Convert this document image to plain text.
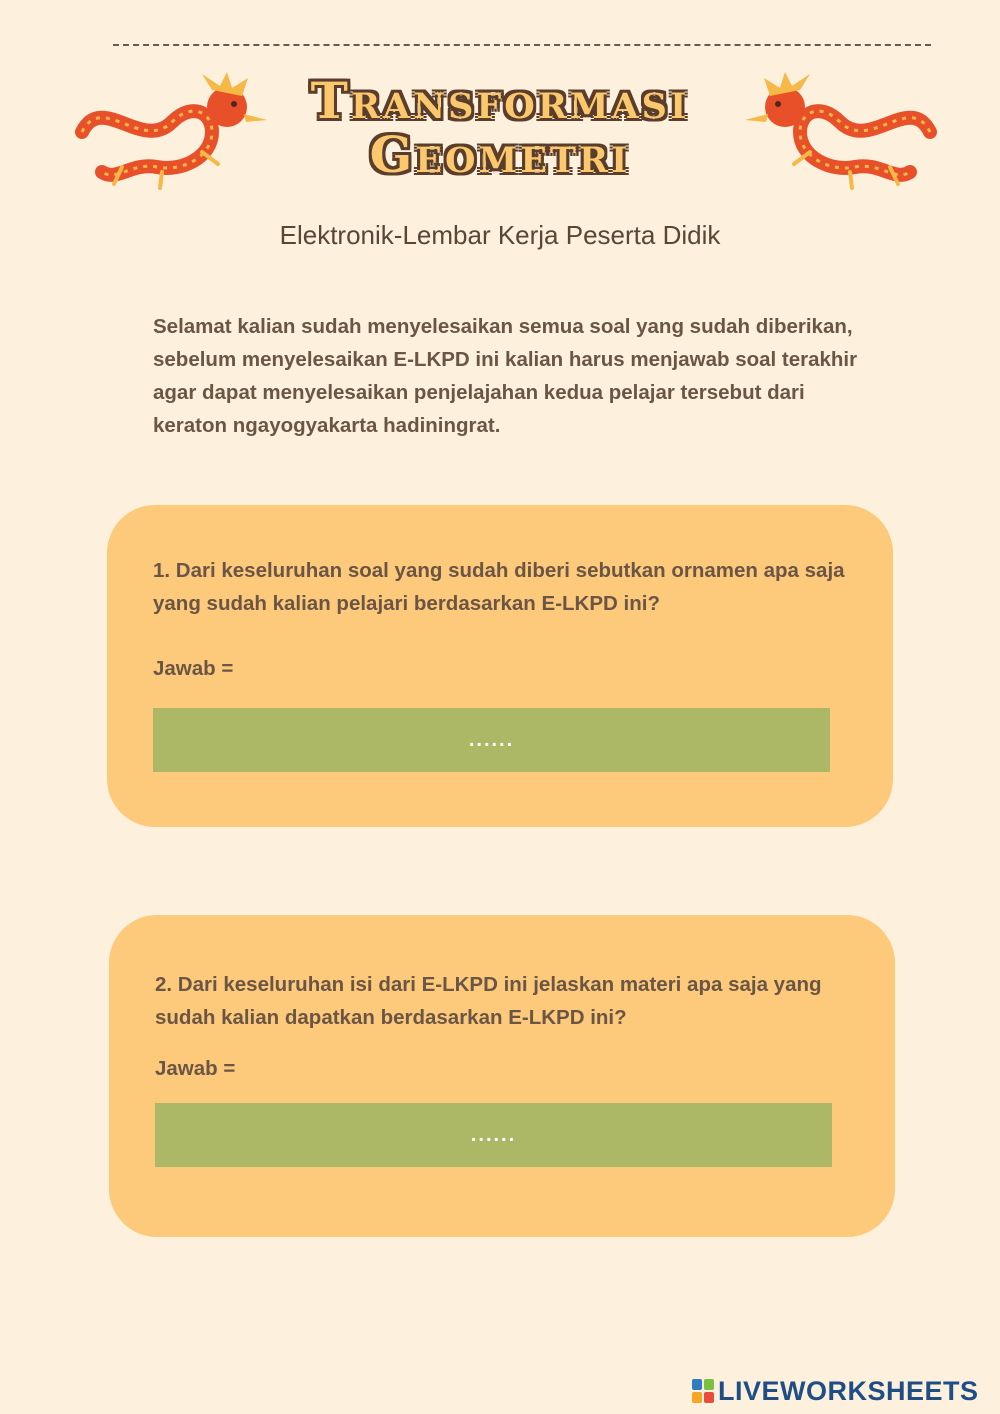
Transformasi
Geometri
Elektronik-Lembar Kerja Peserta Didik
Selamat kalian sudah menyelesaikan semua soal yang sudah diberikan, sebelum menyelesaikan E-LKPD ini kalian harus menjawab soal terakhir agar dapat menyelesaikan penjelajahan kedua pelajar tersebut dari keraton ngayogyakarta hadiningrat.
1. Dari keseluruhan soal yang sudah diberi sebutkan ornamen apa saja yang sudah kalian pelajari berdasarkan E-LKPD ini?
Jawab =
......
2. Dari keseluruhan isi dari E-LKPD ini jelaskan materi apa saja yang sudah kalian dapatkan berdasarkan E-LKPD ini?
Jawab =
......
LIVEWORKSHEETS
